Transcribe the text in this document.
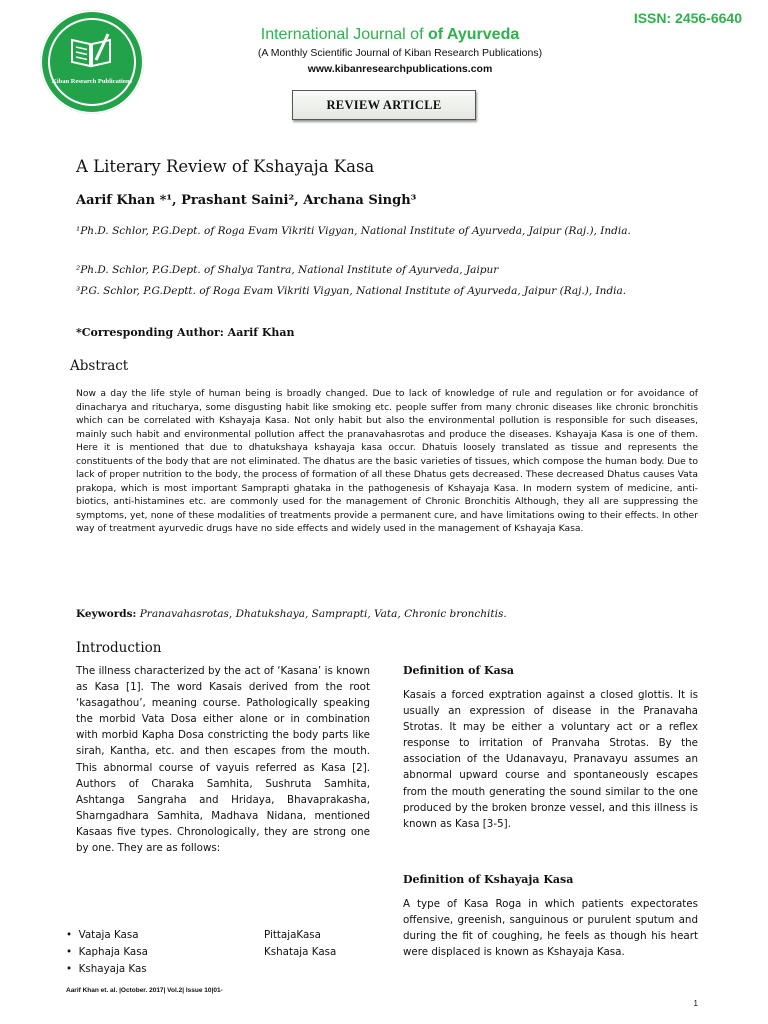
Kiban Research Publications
ISSN: 2456-6640
International Journal of of Ayurveda
(A Monthly Scientific Journal of Kiban Research Publications)
www.kibanresearchpublications.com
REVIEW ARTICLE
A Literary Review of Kshayaja Kasa
Aarif Khan *¹, Prashant Saini², Archana Singh³
¹Ph.D. Schlor, P.G.Dept. of Roga Evam Vikriti Vigyan, National Institute of Ayurveda, Jaipur (Raj.), India.
²Ph.D. Schlor, P.G.Dept. of Shalya Tantra, National Institute of Ayurveda, Jaipur
³P.G. Schlor, P.G.Deptt. of Roga Evam Vikriti Vigyan, National Institute of Ayurveda, Jaipur (Raj.), India.
*Corresponding Author: Aarif Khan
Abstract
Now a day the life style of human being is broadly changed. Due to lack of knowledge of rule and regulation or for avoidance of dinacharya and ritucharya, some disgusting habit like smoking etc. people suffer from many chronic diseases like chronic bronchitis which can be correlated with Kshayaja Kasa. Not only habit but also the environmental pollution is responsible for such diseases, mainly such habit and environmental pollution affect the pranavahasrotas and produce the diseases. Kshayaja Kasa is one of them. Here it is mentioned that due to dhatukshaya kshayaja kasa occur. Dhatuis loosely translated as tissue and represents the constituents of the body that are not eliminated. The dhatus are the basic varieties of tissues, which compose the human body. Due to lack of proper nutrition to the body, the process of formation of all these Dhatus gets decreased. These decreased Dhatus causes Vata prakopa, which is most important Samprapti ghataka in the pathogenesis of Kshayaja Kasa. In modern system of medicine, anti-biotics, anti-histamines etc. are commonly used for the management of Chronic Bronchitis Although, they all are suppressing the symptoms, yet, none of these modalities of treatments provide a permanent cure, and have limitations owing to their effects. In other way of treatment ayurvedic drugs have no side effects and widely used in the management of Kshayaja Kasa.
Keywords: Pranavahasrotas, Dhatukshaya, Samprapti, Vata, Chronic bronchitis.
Introduction
The illness characterized by the act of ‘Kasana’ is known as Kasa [1]. The word Kasais derived from the root ‘kasagathou’, meaning course. Pathologically speaking the morbid Vata Dosa either alone or in combination with morbid Kapha Dosa constricting the body parts like sirah, Kantha, etc. and then escapes from the mouth. This abnormal course of vayuis referred as Kasa [2]. Authors of Charaka Samhita, Sushruta Samhita, Ashtanga Sangraha and Hridaya, Bhavaprakasha, Sharngadhara Samhita, Madhava Nidana, mentioned Kasaas five types. Chronologically, they are strong one by one. They are as follows:
•  Vataja Kasa	PittajaKasa
•  Kaphaja Kasa	Kshataja Kasa
•  Kshayaja Kas
Definition of Kasa
Kasais a forced exptration against a closed glottis. It is usually an expression of disease in the Pranavaha Strotas. It may be either a voluntary act or a reflex response to irritation of Pranvaha Strotas. By the association of the Udanavayu, Pranavayu assumes an abnormal upward course and spontaneously escapes from the mouth generating the sound similar to the one produced by the broken bronze vessel, and this illness is known as Kasa [3-5].
Definition of Kshayaja Kasa
A type of Kasa Roga in which patients expectorates offensive, greenish, sanguinous or purulent sputum and during the fit of coughing, he feels as though his heart were displaced is known as Kshayaja Kasa.
Aarif Khan et. al. |October. 2017| Vol.2| Issue 10|01-
1
